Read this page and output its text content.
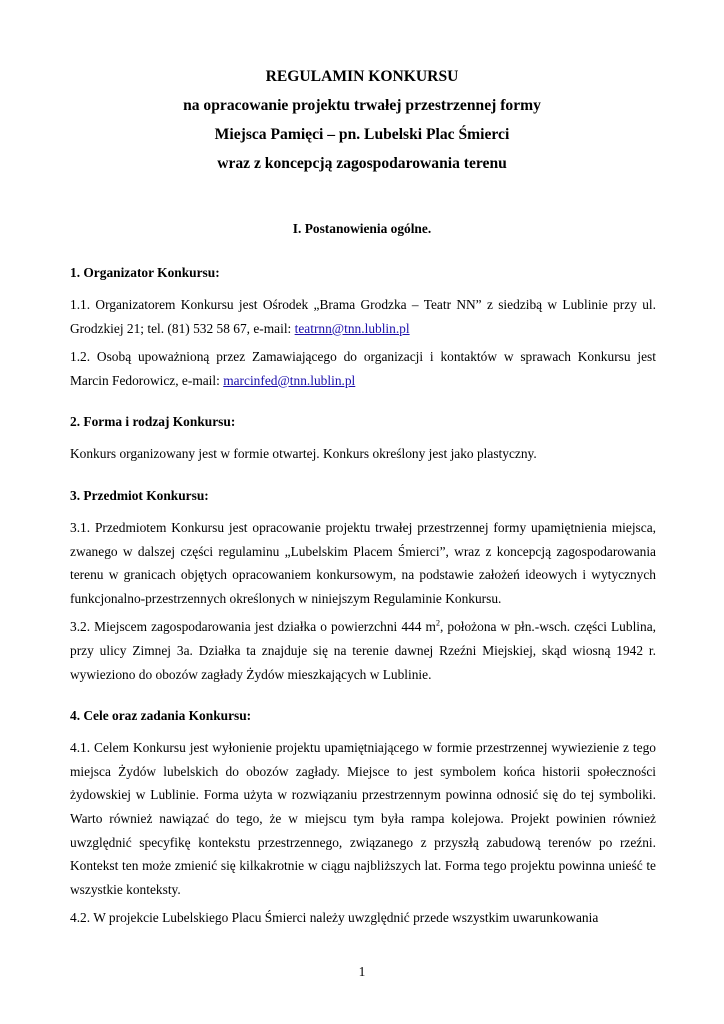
REGULAMIN KONKURSU
na opracowanie projektu trwałej przestrzennej formy
Miejsca Pamięci – pn. Lubelski Plac Śmierci
wraz z koncepcją zagospodarowania terenu
I. Postanowienia ogólne.
1. Organizator Konkursu:
1.1. Organizatorem Konkursu jest Ośrodek „Brama Grodzka – Teatr NN” z siedzibą w Lublinie przy ul. Grodzkiej 21; tel. (81) 532 58 67, e-mail: teatrnn@tnn.lublin.pl
1.2. Osobą upoważnioną przez Zamawiającego do organizacji i kontaktów w sprawach Konkursu jest Marcin Fedorowicz, e-mail: marcinfed@tnn.lublin.pl
2. Forma i rodzaj Konkursu:
Konkurs organizowany jest w formie otwartej. Konkurs określony jest jako plastyczny.
3. Przedmiot Konkursu:
3.1. Przedmiotem Konkursu jest opracowanie projektu trwałej przestrzennej formy upamiętnienia miejsca, zwanego w dalszej części regulaminu „Lubelskim Placem Śmierci”, wraz z koncepcją zagospodarowania terenu w granicach objętych opracowaniem konkursowym, na podstawie założeń ideowych i wytycznych funkcjonalno-przestrzennych określonych w niniejszym Regulaminie Konkursu.
3.2. Miejscem zagospodarowania jest działka o powierzchni 444 $m^2$, położona w płn.-wsch. części Lublina, przy ulicy Zimnej 3a. Działka ta znajduje się na terenie dawnej Rzeźni Miejskiej, skąd wiosną 1942 r. wywieziono do obozów zagłady Żydów mieszkających w Lublinie.
4. Cele oraz zadania Konkursu:
4.1. Celem Konkursu jest wyłonienie projektu upamiętniającego w formie przestrzennej wywiezienie z tego miejsca Żydów lubelskich do obozów zagłady. Miejsce to jest symbolem końca historii społeczności żydowskiej w Lublinie. Forma użyta w rozwiązaniu przestrzennym powinna odnosić się do tej symboliki. Warto również nawiązać do tego, że w miejscu tym była rampa kolejowa. Projekt powinien również uwzględnić specyfikę kontekstu przestrzennego, związanego z przyszłą zabudową terenów po rzeźni. Kontekst ten może zmienić się kilkakrotnie w ciągu najbliższych lat. Forma tego projektu powinna unieść te wszystkie konteksty.
4.2. W projekcie Lubelskiego Placu Śmierci należy uwzględnić przede wszystkim uwarunkowania
1
